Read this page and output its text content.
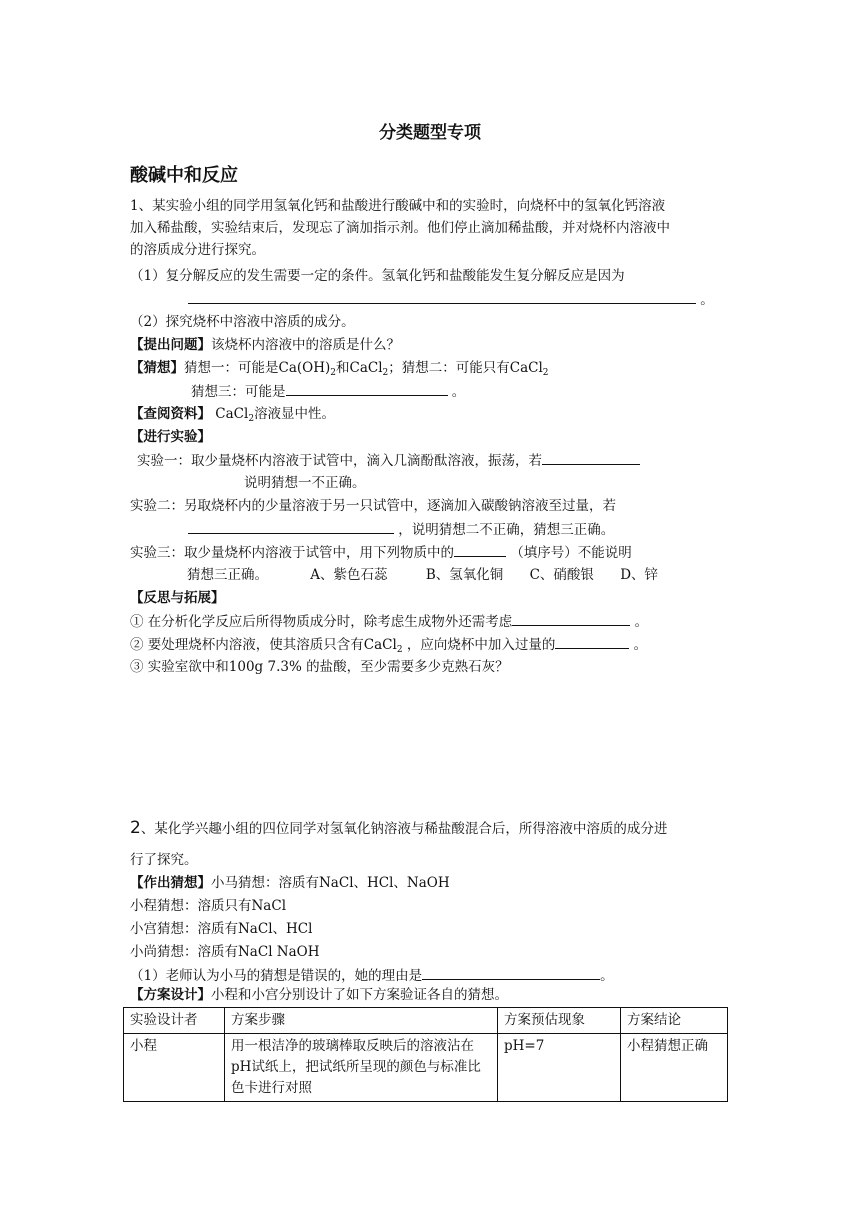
分类题型专项
酸碱中和反应
1、某实验小组的同学用氢氧化钙和盐酸进行酸碱中和的实验时，向烧杯中的氢氧化钙溶液
加入稀盐酸，实验结束后，发现忘了滴加指示剂。他们停止滴加稀盐酸，并对烧杯内溶液中
的溶质成分进行探究。
（1）复分解反应的发生需要一定的条件。氢氧化钙和盐酸能发生复分解反应是因为
。
（2）探究烧杯中溶液中溶质的成分。
【提出问题】该烧杯内溶液中的溶质是什么？
【猜想】猜想一：可能是$Ca(OH)_2$和CaCl$_2$；猜想二：可能只有CaCl$_2$
猜想三：可能是	。
【查阅资料】 CaCl$_2$溶液显中性。
【进行实验】
实验一：取少量烧杯内溶液于试管中，滴入几滴酚酞溶液，振荡，若
说明猜想一不正确。
实验二：另取烧杯内的少量溶液于另一只试管中，逐滴加入碳酸钠溶液至过量，若
，说明猜想二不正确，猜想三正确。
实验三：取少量烧杯内溶液于试管中，用下列物质中的	（填序号）不能说明
猜想三正确。	A、紫色石蕊	B、氢氧化铜 C、硝酸银 D、锌
【反思与拓展】
① 在分析化学反应后所得物质成分时，除考虑生成物外还需考虑	。
② 要处理烧杯内溶液，使其溶质只含有CaCl$_2$ ，应向烧杯中加入过量的	。
③ 实验室欲中和100g 7.3% 的盐酸，至少需要多少克熟石灰？
2、某化学兴趣小组的四位同学对氢氧化钠溶液与稀盐酸混合后，所得溶液中溶质的成分进
行了探究。
【作出猜想】小马猜想：溶质有NaCl、HCl、NaOH
小程猜想：溶质只有NaCl
小宫猜想：溶质有NaCl、HCl
小尚猜想：溶质有NaCl NaOH
（1）老师认为小马的猜想是错误的，她的理由是	。
【方案设计】小程和小宫分别设计了如下方案验证各自的猜想。
实验设计者	方案步骤	方案预估现象	方案结论
小程	用一根洁净的玻璃棒取反映后的溶液沾在pH试纸上，把试纸所呈现的颜色与标准比色卡进行对照	pH=7	小程猜想正确
